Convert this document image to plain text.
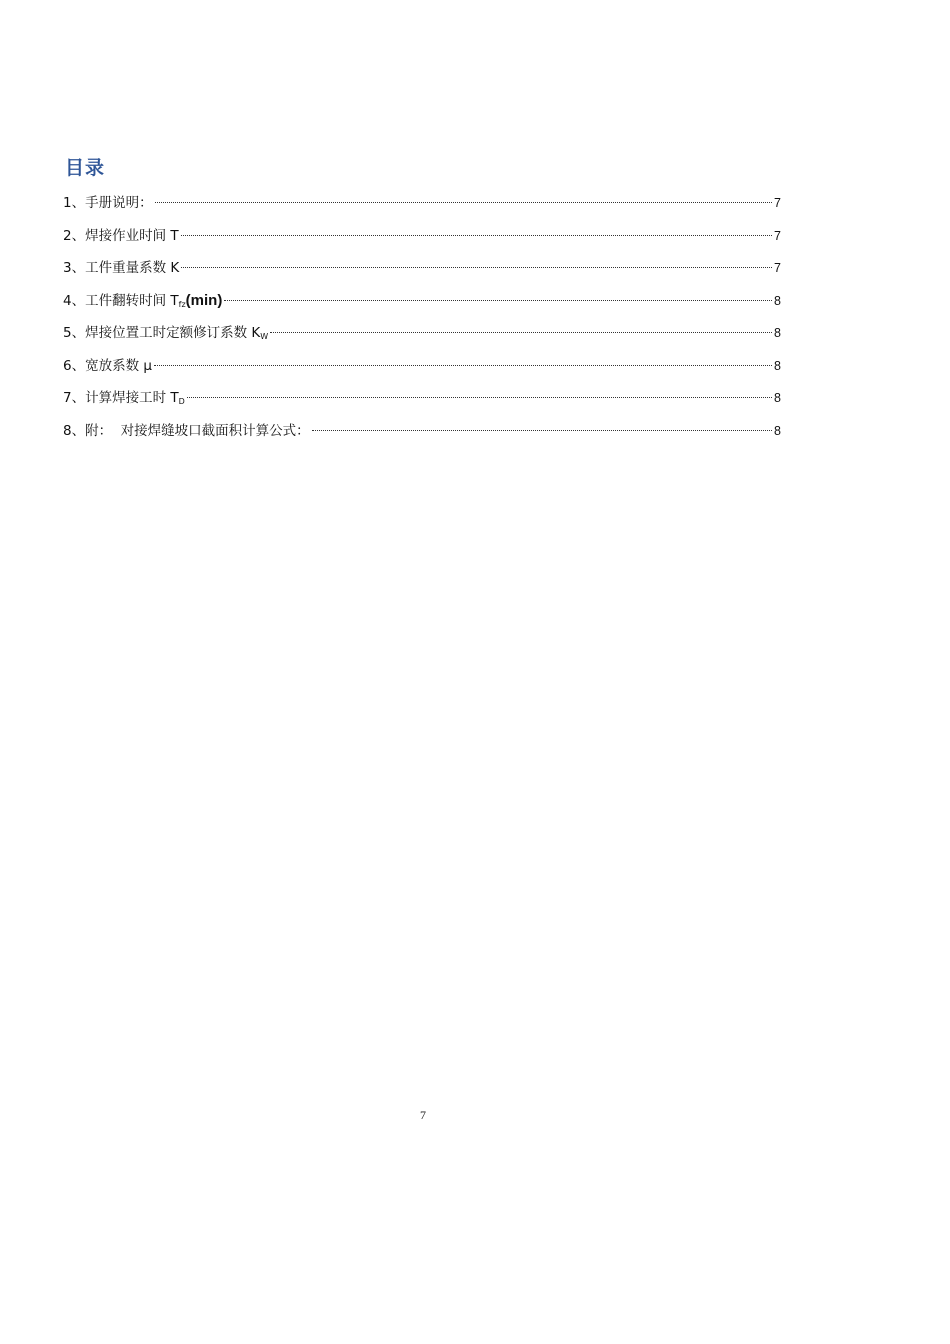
目录
1、手册说明：	7
2、焊接作业时间 T	7
3、工件重量系数 K	7
4、工件翻转时间 $T_{fz}(\min)$	8
5、焊接位置工时定额修订系数 $K_W$	8
6、宽放系数 μ	8
7、计算焊接工时 $T_D$	8
8、附：  对接焊缝坡口截面积计算公式：	8
7
